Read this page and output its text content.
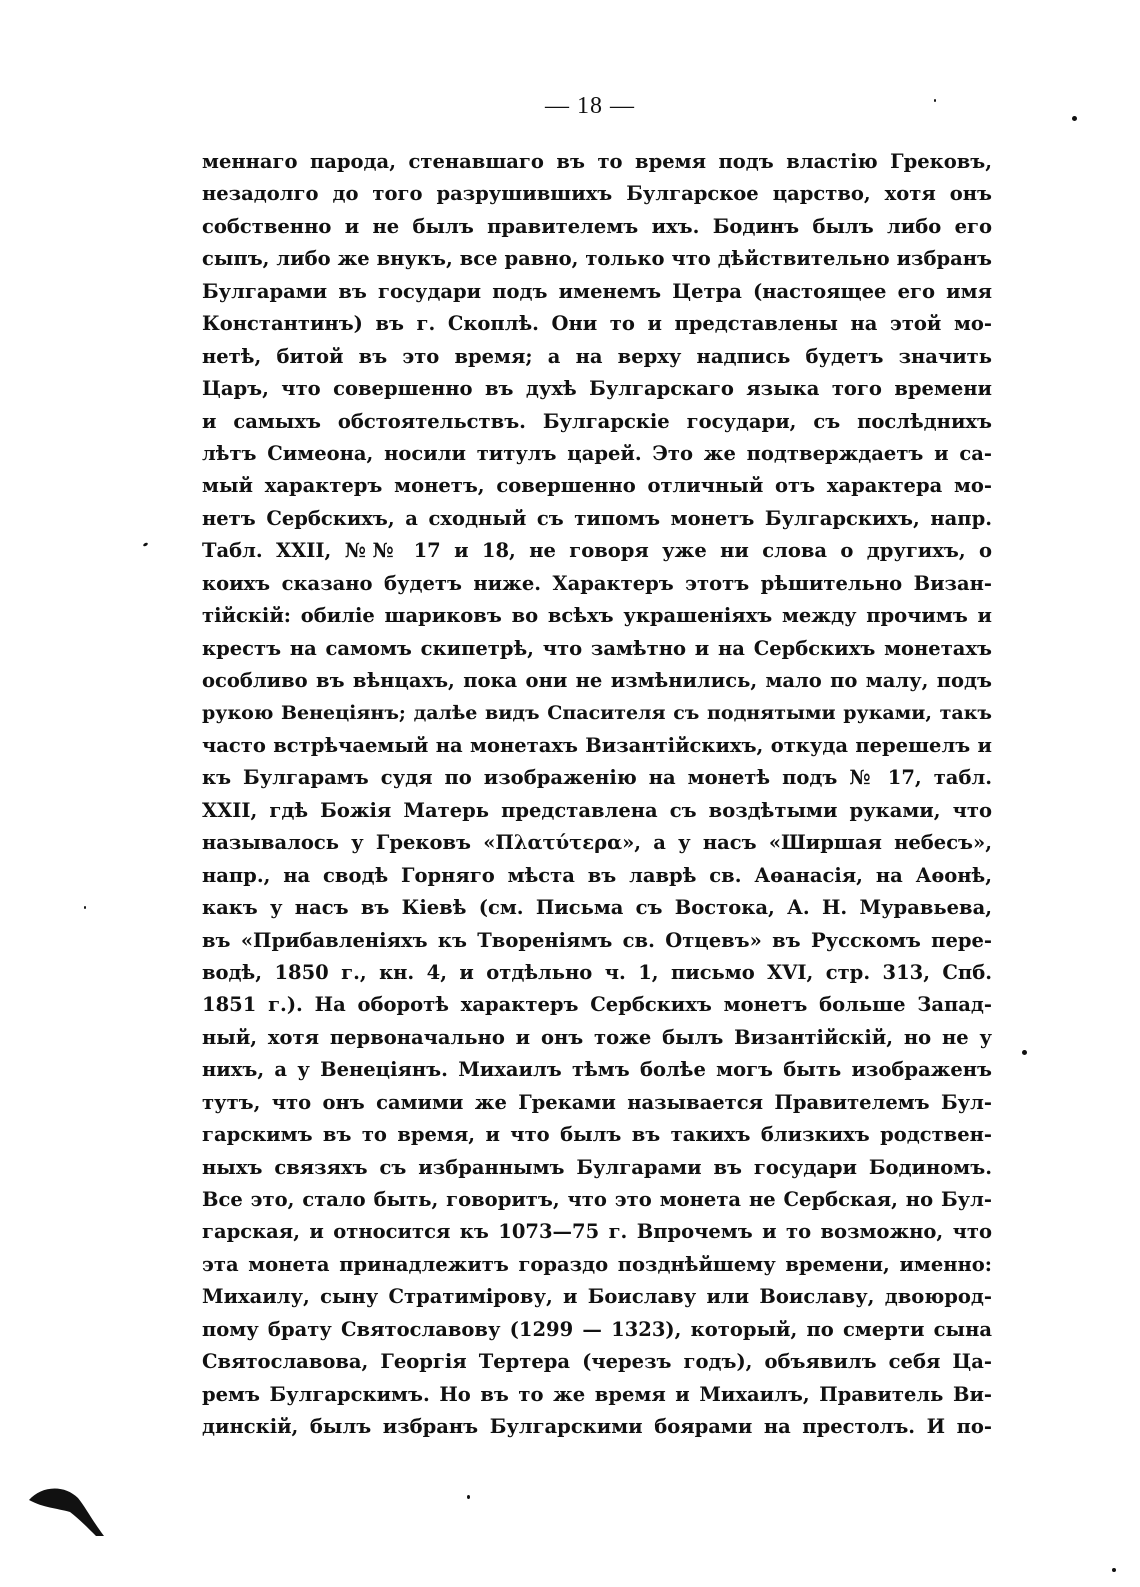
— 18 —
меннаго парода, стенавшаго въ то время подъ властію Грековъ,
незадолго до того разрушившихъ Булгарское царство, хотя онъ
собственно и не былъ правителемъ ихъ. Бодинъ былъ либо его
сыпъ, либо же внукъ, все равно, только что дѣйствительно избранъ
Булгарами въ государи подъ именемъ Цетра (настоящее его имя
Константинъ) въ г. Скоплѣ. Они то и представлены на этой мо-
нетѣ, битой въ это время; а на верху надпись будетъ значить
Царъ, что совершенно въ духѣ Булгарскаго языка того времени
и самыхъ обстоятельствъ. Булгарскіе государи, съ послѣднихъ
лѣтъ Симеона, носили титулъ царей. Это же подтверждаетъ и са-
мый характеръ монетъ, совершенно отличный отъ характера мо-
нетъ Сербскихъ, а сходный съ типомъ монетъ Булгарскихъ, напр.
Табл. XXII, №№ 17 и 18, не говоря уже ни слова о другихъ, о
коихъ сказано будетъ ниже. Характеръ этотъ рѣшительно Визан-
тійскій: обиліе шариковъ во всѣхъ украшеніяхъ между прочимъ и
крестъ на самомъ скипетрѣ, что замѣтно и на Сербскихъ монетахъ
особливо въ вѣнцахъ, пока они не измѣнились, мало по малу, подъ
рукою Венеціянъ; далѣе видъ Спасителя съ поднятыми руками, такъ
часто встрѣчаемый на монетахъ Византійскихъ, откуда перешелъ и
къ Булгарамъ судя по изображенію на монетѣ подъ № 17, табл.
XXII, гдѣ Божія Матерь представлена съ воздѣтыми руками, что
называлось у Грековъ «Πλατύτερα», а у насъ «Ширшая небесъ»,
напр., на сводѣ Горняго мѣста въ лаврѣ св. Аѳанасія, на Аѳонѣ,
какъ у насъ въ Кіевѣ (см. Письма съ Востока, А. Н. Муравьева,
въ «Прибавленіяхъ къ Твореніямъ св. Отцевъ» въ Русскомъ пере-
водѣ, 1850 г., кн. 4, и отдѣльно ч. 1, письмо XVI, стр. 313, Спб.
1851 г.). На оборотѣ характеръ Сербскихъ монетъ больше Запад-
ный, хотя первоначально и онъ тоже былъ Византійскій, но не у
нихъ, а у Венеціянъ. Михаилъ тѣмъ болѣе могъ быть изображенъ
тутъ, что онъ самими же Греками называется Правителемъ Бул-
гарскимъ въ то время, и что былъ въ такихъ близкихъ родствен-
ныхъ связяхъ съ избраннымъ Булгарами въ государи Бодиномъ.
Все это, стало быть, говоритъ, что это монета не Сербская, но Бул-
гарская, и относится къ 1073—75 г. Впрочемъ и то возможно, что
эта монета принадлежитъ гораздо позднѣйшему времени, именно:
Михаилу, сыну Стратимірову, и Боиславу или Воиславу, двоюрод-
пому брату Святославову (1299 — 1323), который, по смерти сына
Святославова, Георгія Тертера (черезъ годъ), объявилъ себя Ца-
ремъ Булгарскимъ. Но въ то же время и Михаилъ, Правитель Ви-
динскій, былъ избранъ Булгарскими боярами на престолъ. И по-
